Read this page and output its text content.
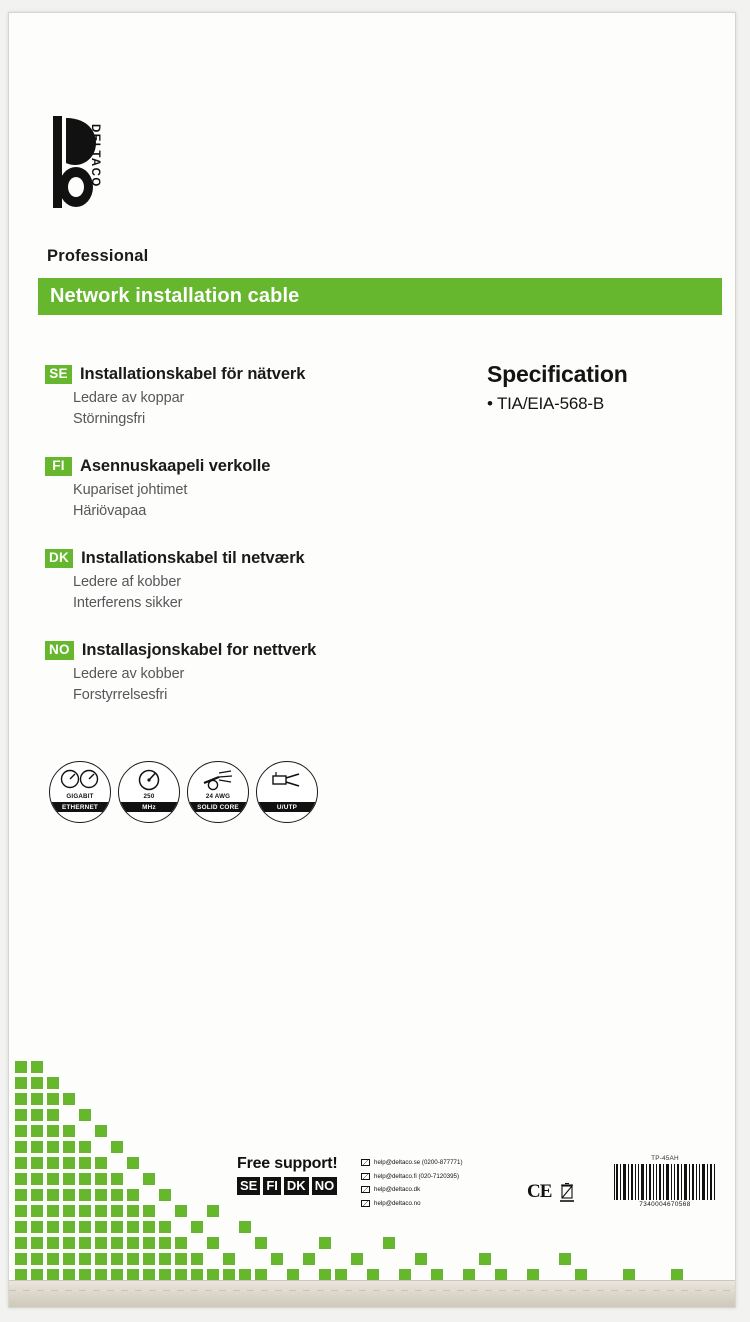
DELTACO
Professional
Network installation cable
SE Installationskabel för nätverk
Ledare av koppar
Störningsfri
FI Asennuskaapeli verkolle
Kupariset johtimet
Häriövapaa
DK Installationskabel til netværk
Ledere af kobber
Interferens sikker
NO Installasjonskabel for nettverk
Ledere av kobber
Forstyrrelsesfri
Specification
• TIA/EIA-568-B
GIGABIT
ETHERNET
250
MHz
24 AWG
SOLID CORE	U/UTP
Free support!
SE FI DK NO
help@deltaco.se (0200-877771)
help@deltaco.fi (020-7120395)
help@deltaco.dk
help@deltaco.no
CE
TP-45AH
7340004670568
